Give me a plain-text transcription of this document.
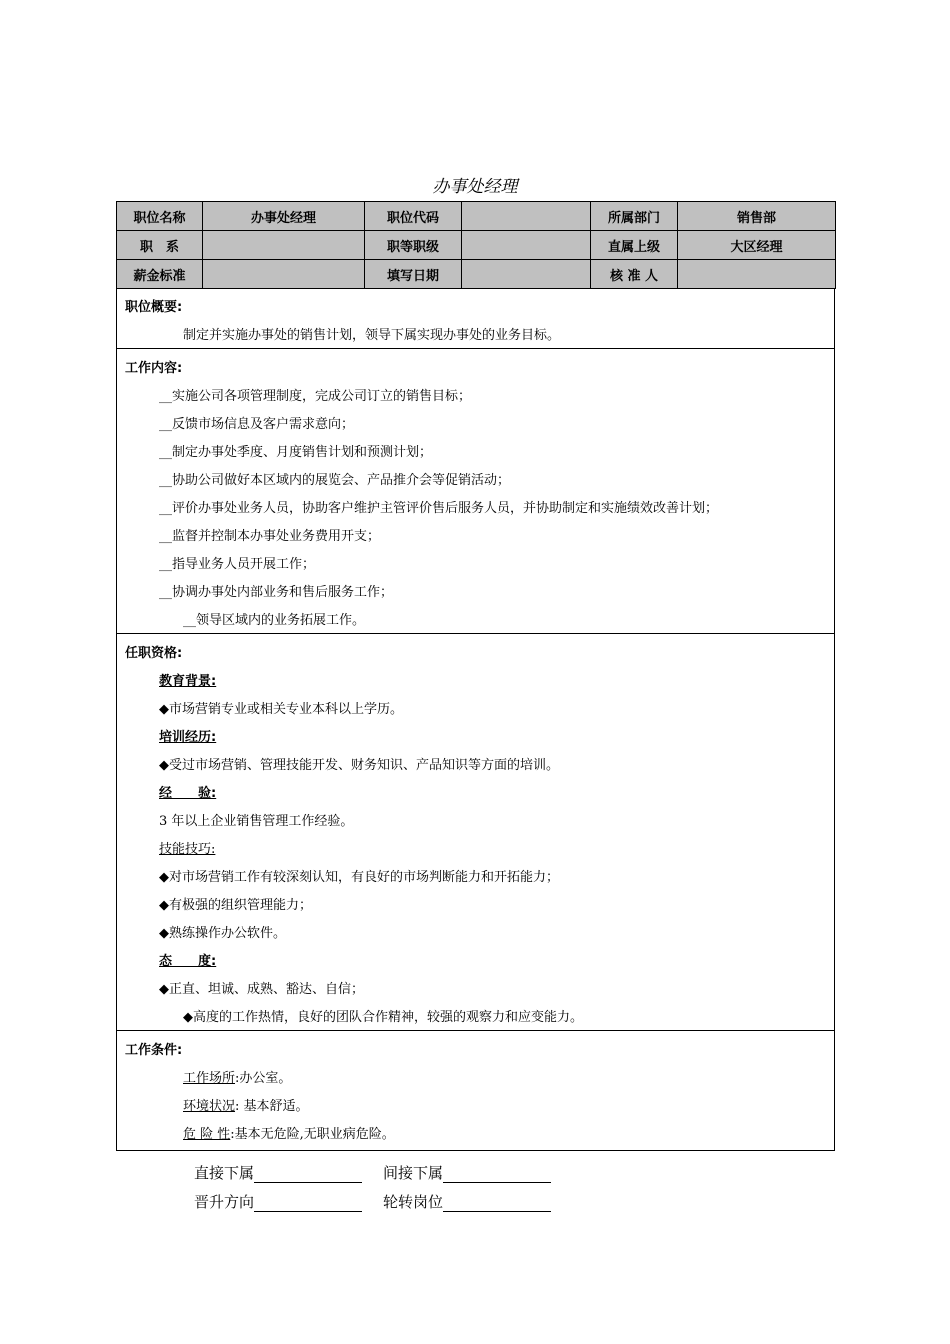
办事处经理
职位名称	办事处经理	职位代码		所属部门	销售部
职　系		职等职级		直属上级	大区经理
薪金标准		填写日期		核 准 人	
职位概要:
制定并实施办事处的销售计划，领导下属实现办事处的业务目标。
工作内容:
__实施公司各项管理制度，完成公司订立的销售目标；
__反馈市场信息及客户需求意向；
__制定办事处季度、月度销售计划和预测计划；
__协助公司做好本区域内的展览会、产品推介会等促销活动；
__评价办事处业务人员，协助客户维护主管评价售后服务人员，并协助制定和实施绩效改善计划；
__监督并控制本办事处业务费用开支；
__指导业务人员开展工作；
__协调办事处内部业务和售后服务工作；
__领导区域内的业务拓展工作。
任职资格:
教育背景:
◆市场营销专业或相关专业本科以上学历。
培训经历:
◆受过市场营销、管理技能开发、财务知识、产品知识等方面的培训。
经　　验:
3 年以上企业销售管理工作经验。
技能技巧:
◆对市场营销工作有较深刻认知，有良好的市场判断能力和开拓能力；
◆有极强的组织管理能力；
◆熟练操作办公软件。
态　　度:
◆正直、坦诚、成熟、豁达、自信；
◆高度的工作热情，良好的团队合作精神，较强的观察力和应变能力。
工作条件:
工作场所:办公室。
环境状况: 基本舒适。
危 险 性:基本无危险,无职业病危险。
直接下属	间接下属
晋升方向	轮转岗位
